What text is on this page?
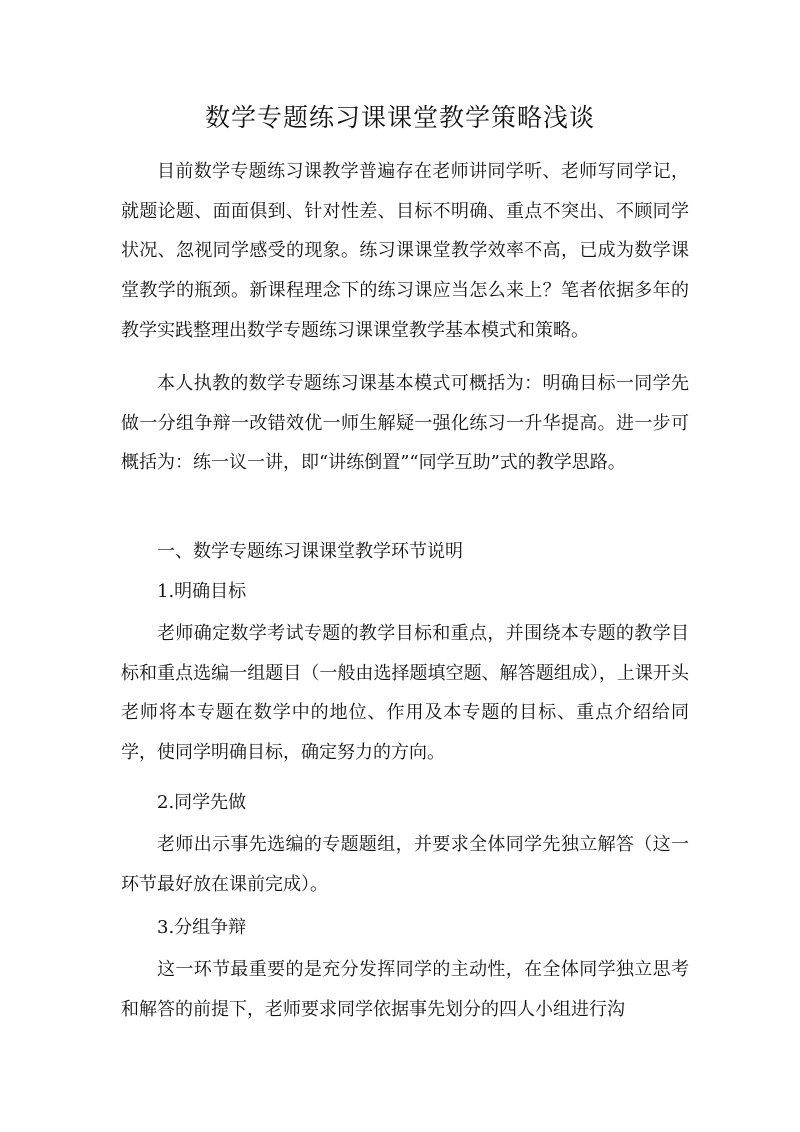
数学专题练习课课堂教学策略浅谈

目前数学专题练习课教学普遍存在老师讲同学听、老师写同学记，就题论题、面面俱到、针对性差、目标不明确、重点不突出、不顾同学状况、忽视同学感受的现象。练习课课堂教学效率不高，已成为数学课堂教学的瓶颈。新课程理念下的练习课应当怎么来上？笔者依据多年的教学实践整理出数学专题练习课课堂教学基本模式和策略。

本人执教的数学专题练习课基本模式可概括为：明确目标一同学先做一分组争辩一改错效优一师生解疑一强化练习一升华提高。进一步可概括为：练一议一讲，即“讲练倒置”“同学互助”式的教学思路。

一、数学专题练习课课堂教学环节说明

1.明确目标

老师确定数学考试专题的教学目标和重点，并围绕本专题的教学目标和重点选编一组题目（一般由选择题填空题、解答题组成），上课开头老师将本专题在数学中的地位、作用及本专题的目标、重点介绍给同学，使同学明确目标，确定努力的方向。

2.同学先做

老师出示事先选编的专题题组，并要求全体同学先独立解答（这一环节最好放在课前完成）。

3.分组争辩

这一环节最重要的是充分发挥同学的主动性，在全体同学独立思考和解答的前提下，老师要求同学依据事先划分的四人小组进行沟
